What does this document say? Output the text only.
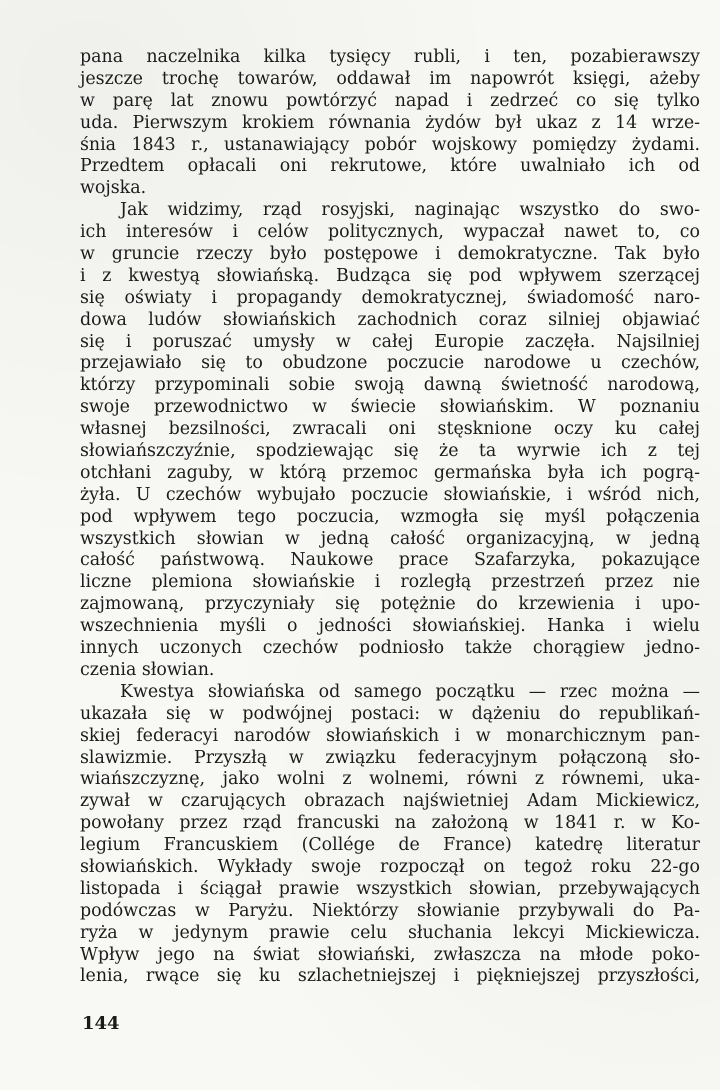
pana naczelnika kilka tysięcy rubli, i ten, pozabierawszy
jeszcze trochę towarów, oddawał im napowrót księgi, ażeby
w parę lat znowu powtórzyć napad i zedrzeć co się tylko
uda. Pierwszym krokiem równania żydów był ukaz z 14 wrze-
śnia 1843 r., ustanawiający pobór wojskowy pomiędzy żydami.
Przedtem opłacali oni rekrutowe, które uwalniało ich od
wojska.
Jak widzimy, rząd rosyjski, naginając wszystko do swo-
ich interesów i celów politycznych, wypaczał nawet to, co
w gruncie rzeczy było postępowe i demokratyczne. Tak było
i z kwestyą słowiańską. Budząca się pod wpływem szerzącej
się oświaty i propagandy demokratycznej, świadomość naro-
dowa ludów słowiańskich zachodnich coraz silniej objawiać
się i poruszać umysły w całej Europie zaczęła. Najsilniej
przejawiało się to obudzone poczucie narodowe u czechów,
którzy przypominali sobie swoją dawną świetność narodową,
swoje przewodnictwo w świecie słowiańskim. W poznaniu
własnej bezsilności, zwracali oni stęsknione oczy ku całej
słowiańszczyźnie, spodziewając się że ta wyrwie ich z tej
otchłani zaguby, w którą przemoc germańska była ich pogrą-
żyła. U czechów wybujało poczucie słowiańskie, i wśród nich,
pod wpływem tego poczucia, wzmogła się myśl połączenia
wszystkich słowian w jedną całość organizacyjną, w jedną
całość państwową. Naukowe prace Szafarzyka, pokazujące
liczne plemiona słowiańskie i rozległą przestrzeń przez nie
zajmowaną, przyczyniały się potężnie do krzewienia i upo-
wszechnienia myśli o jedności słowiańskiej. Hanka i wielu
innych uczonych czechów podniosło także chorągiew jedno-
czenia słowian.
Kwestya słowiańska od samego początku — rzec można —
ukazała się w podwójnej postaci: w dążeniu do republikań-
skiej federacyi narodów słowiańskich i w monarchicznym pan-
slawizmie. Przyszłą w związku federacyjnym połączoną sło-
wiańszczyznę, jako wolni z wolnemi, równi z równemi, uka-
zywał w czarujących obrazach najświetniej Adam Mickiewicz,
powołany przez rząd francuski na założoną w 1841 r. w Ko-
legium Francuskiem (Collége de France) katedrę literatur
słowiańskich. Wykłady swoje rozpoczął on tegoż roku 22-go
listopada i ściągał prawie wszystkich słowian, przebywających
podówczas w Paryżu. Niektórzy słowianie przybywali do Pa-
ryża w jedynym prawie celu słuchania lekcyi Mickiewicza.
Wpływ jego na świat słowiański, zwłaszcza na młode poko-
lenia, rwące się ku szlachetniejszej i piękniejszej przyszłości,
144
